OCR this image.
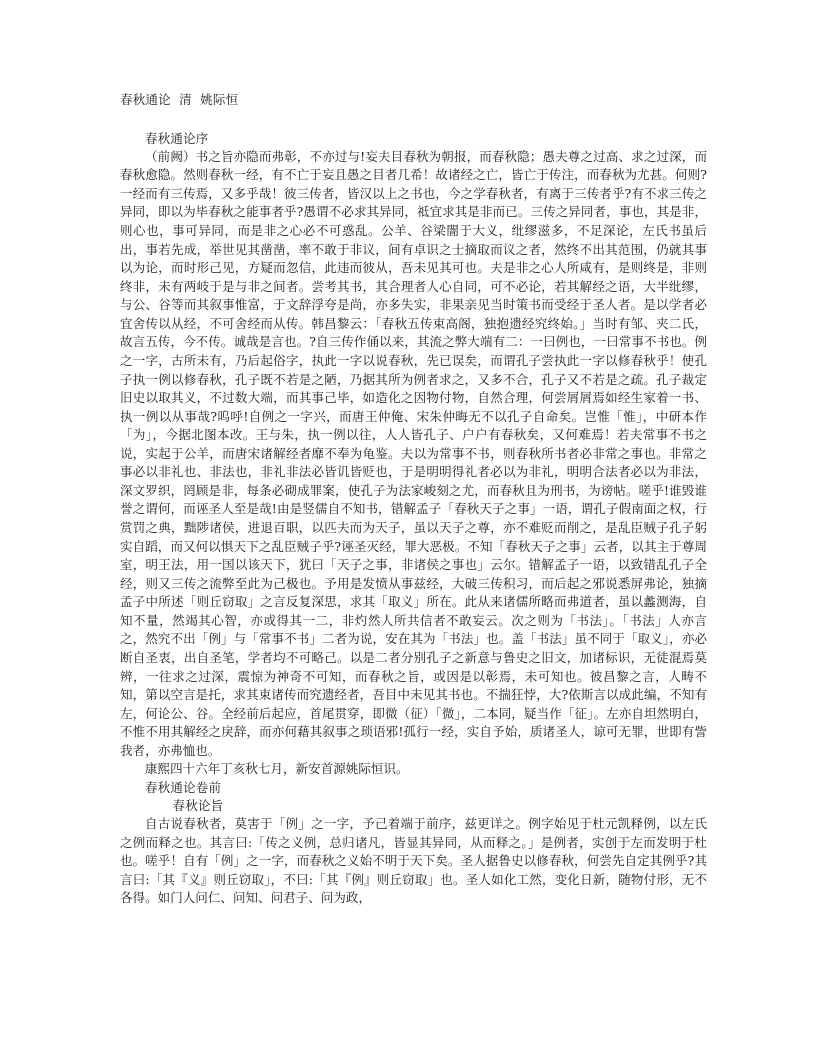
春秋通论  清  姚际恒

春秋通论序

（前阙）书之旨亦隐而弗彰，不亦过与!妄夫目春秋为朝报，而春秋隐；愚夫尊之过高、求之过深，而春秋愈隐。然则春秋一经，有不亡于妄且愚之目者几希！故诸经之亡，皆亡于传注，而春秋为尤甚。何则?一经而有三传焉，又多乎哉！彼三传者，皆汉以上之书也，今之学春秋者，有离于三传者乎?有不求三传之异同，即以为毕春秋之能事者乎?愚谓不必求其异同，祗宜求其是非而已。三传之异同者，事也，其是非，则心也，事可异同，而是非之心必不可惑乱。公羊、谷梁闇于大义，纰缪滋多，不足深论，左氏书虽后出，事若先成，举世见其凿凿，率不敢于非议，间有卓识之士摘取而议之者，然终不出其范围，仍就其事以为论，而时形己见，方疑而忽信，此违而彼从，吾未见其可也。夫是非之心人所咸有，是则终是，非则终非，未有两岐于是与非之间者。尝考其书，其合理者人心自同，可不必论，若其解经之语，大半纰缪，与公、谷等而其叙事惟富，于文辞浮夸是尚，亦多失实，非果亲见当时策书而受经于圣人者。是以学者必宜舍传以从经，不可舍经而从传。韩昌黎云：「春秋五传束高阁，独抱遗经究终始。」当时有邹、夹二氏，故言五传，今不传。诚哉是言也。?自三传作俑以来，其流之弊大端有二：一曰例也，一曰常事不书也。例之一字，古所未有，乃后起俗字，执此一字以说春秋，先已误矣，而谓孔子尝执此一字以修春秋乎！使孔子执一例以修春秋，孔子既不若是之陋，乃据其所为例者求之，又多不合，孔子又不若是之疏。孔子裁定旧史以取其义，不过数大端，而其事己毕，如造化之因物付物，自然合理，何尝屑屑焉如经生家着一书、执一例以从事哉?呜呼!自例之一字兴，而唐王仲俺、宋朱仲晦无不以孔子自命矣。岂惟「惟」，中研本作「为」，今据北图本改。王与朱，执一例以往，人人皆孔子、户户有春秋矣，又何难焉！若夫常事不书之说，实起于公羊，而唐宋诸解经者靡不奉为龟鉴。夫以为常事不书，则春秋所书者必非常之事也。非常之事必以非礼也、非法也，非礼非法必皆讥皆贬也，于是明明得礼者必以为非礼，明明合法者必以为非法，深文罗织，罔顾是非，每条必砌成罪案，使孔子为法家峻刻之尤，而春秋且为刑书，为谤帖。嗟乎!谁毁谁誉之谓何，而诬圣人至是哉!由是竖儒自不知书，错解孟子「春秋天子之事」一语，谓孔子假南面之权，行赏罚之典，黜陟诸侯，进退百职，以匹夫而为天子，虽以天子之尊，亦不难贬而削之，是乱臣贼子孔子躬实自蹈，而又何以惧天下之乱臣贼子乎?诬圣灭经，罪大恶极。不知「春秋天子之事」云者，以其主于尊周室，明王法，用一国以该天下，犹曰「天子之事，非诸侯之事也」云尔。错解孟子一语，以致错乱孔子全经，则又三传之流弊至此为己极也。予用是发愤从事兹经，大破三传积习，而后起之邪说悉屏弗论，独摘孟子中所述「则丘窃取」之言反复深思，求其「取义」所在。此从来诸儒所略而弗道者，虽以蠡测海，自知不量，然竭其心智，亦或得其一二，非灼然人所共信者不敢妄云。次之则为「书法」。「书法」人亦言之，然究不出「例」与「常事不书」二者为说，安在其为「书法」也。盖「书法」虽不同于「取义」，亦必断自圣衷，出自圣笔，学者均不可略己。以是二者分别孔子之新意与鲁史之旧文，加诸标识，无徒混焉莫辨，一往求之过深，震惊为神奇不可知，而春秋之旨，或因是以彰焉，未可知也。彼昌黎之言，人畴不知，第以空言是托，求其束诸传而究遗经者，吾目中未见其书也。不揣狂悖，大?依斯言以成此编，不知有左，何论公、谷。全经前后起应，首尾贯穿，即微（征）「微」，二本同，疑当作「征」。左亦自坦然明白，不惟不用其解经之戾辞，而亦何藉其叙事之琐语邪!孤行一经，实自予始，质诸圣人，谅可无罪，世即有訾我者，亦弗恤也。

康熙四十六年丁亥秋七月，新安首源姚际恒识。

春秋通论卷前

春秋论旨

自古说春秋者，莫害于「例」之一字，予己着端于前序，兹更详之。例字始见于杜元凯释例，以左氏之例而释之也。其言曰:「传之义例，总归诸凡，皆显其异同，从而释之。」是例者，实创于左而发明于杜也。嗟乎！自有「例」之一字，而春秋之义始不明于天下矣。圣人据鲁史以修春秋，何尝先自定其例乎?其言曰:「其『义』则丘窃取」，不曰:「其『例』则丘窃取」也。圣人如化工然，变化日新，随物付形，无不各得。如门人问仁、问知、问君子、问为政，
